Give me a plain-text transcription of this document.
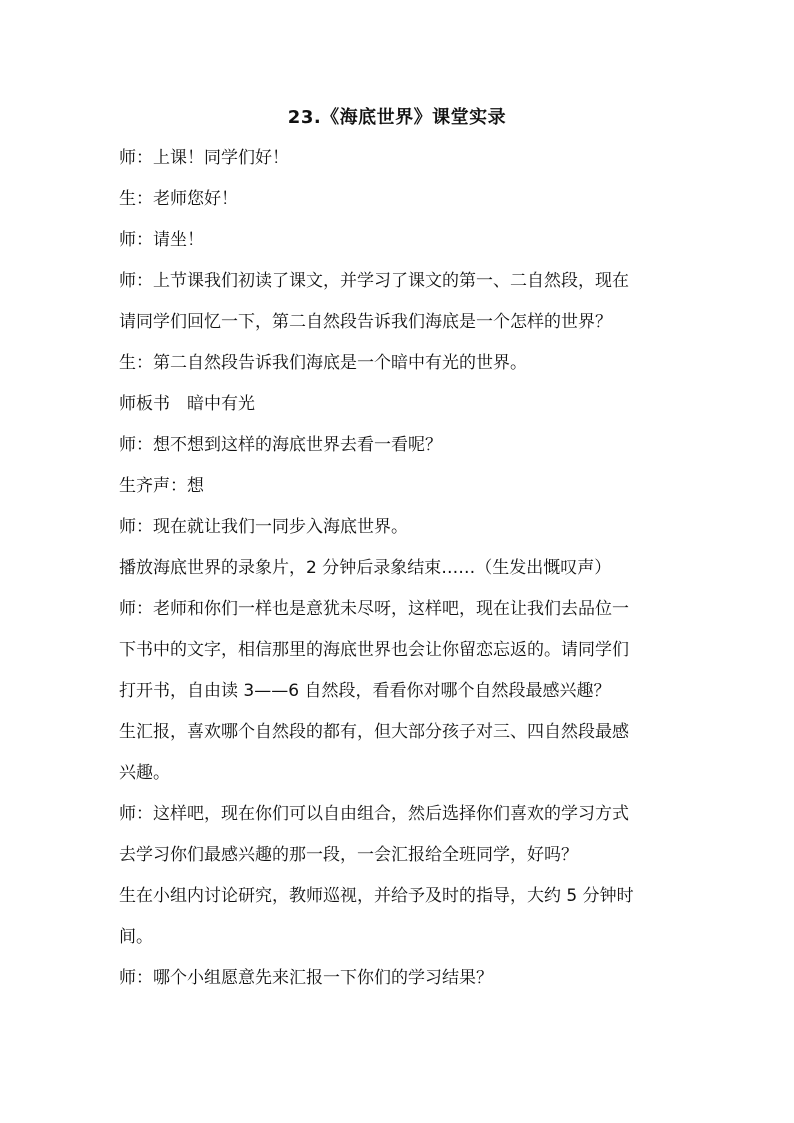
23.《海底世界》课堂实录
师：上课！同学们好！
生：老师您好！
师：请坐！
师：上节课我们初读了课文，并学习了课文的第一、二自然段，现在
请同学们回忆一下，第二自然段告诉我们海底是一个怎样的世界？
生：第二自然段告诉我们海底是一个暗中有光的世界。
师板书　暗中有光
师：想不想到这样的海底世界去看一看呢？
生齐声：想
师：现在就让我们一同步入海底世界。
播放海底世界的录象片，2 分钟后录象结束……（生发出慨叹声）
师：老师和你们一样也是意犹未尽呀，这样吧，现在让我们去品位一
下书中的文字，相信那里的海底世界也会让你留恋忘返的。请同学们
打开书，自由读 3——6 自然段，看看你对哪个自然段最感兴趣？
生汇报，喜欢哪个自然段的都有，但大部分孩子对三、四自然段最感
兴趣。
师：这样吧，现在你们可以自由组合，然后选择你们喜欢的学习方式
去学习你们最感兴趣的那一段，一会汇报给全班同学，好吗？
生在小组内讨论研究，教师巡视，并给予及时的指导，大约 5 分钟时
间。
师：哪个小组愿意先来汇报一下你们的学习结果？
